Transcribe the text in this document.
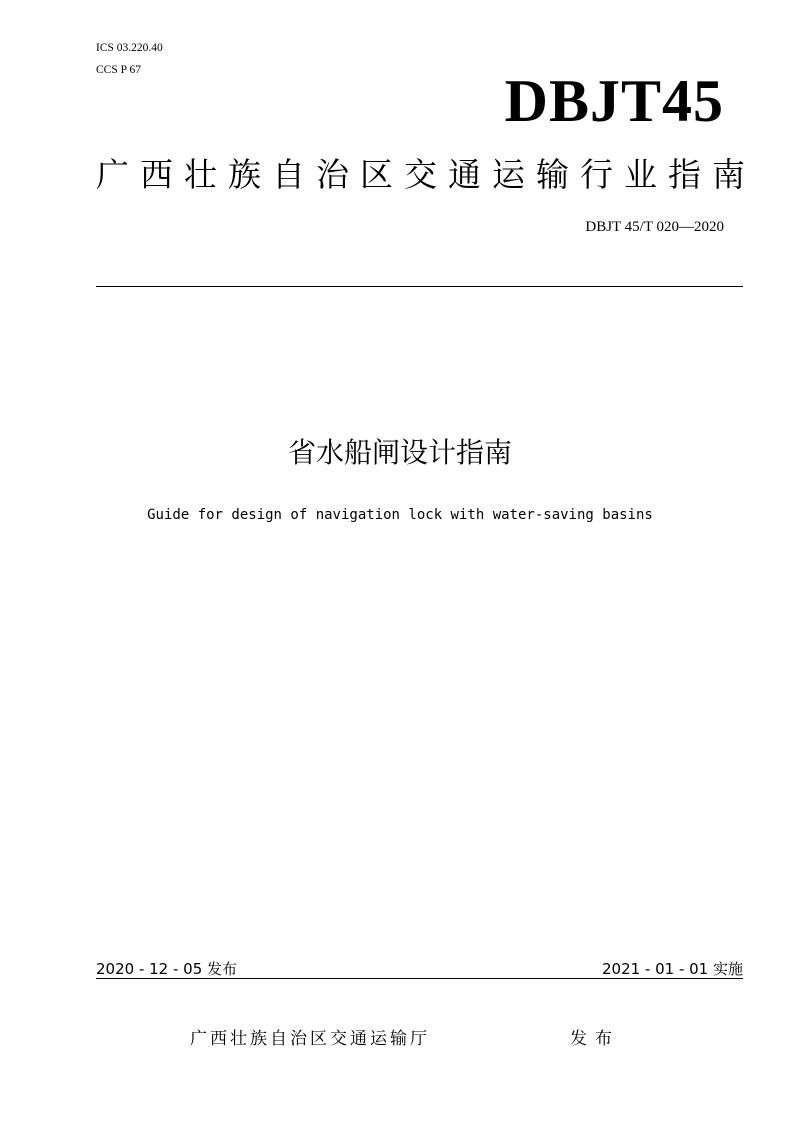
ICS 03.220.40
CCS P 67	DBJT45
广西壮族自治区交通运输行业指南
DBJT 45/T 020—2020
省水船闸设计指南
Guide for design of navigation lock with water-saving basins
2020 - 12 - 05 发布	2021 - 01 - 01 实施
广西壮族自治区交通运输厅	发布
